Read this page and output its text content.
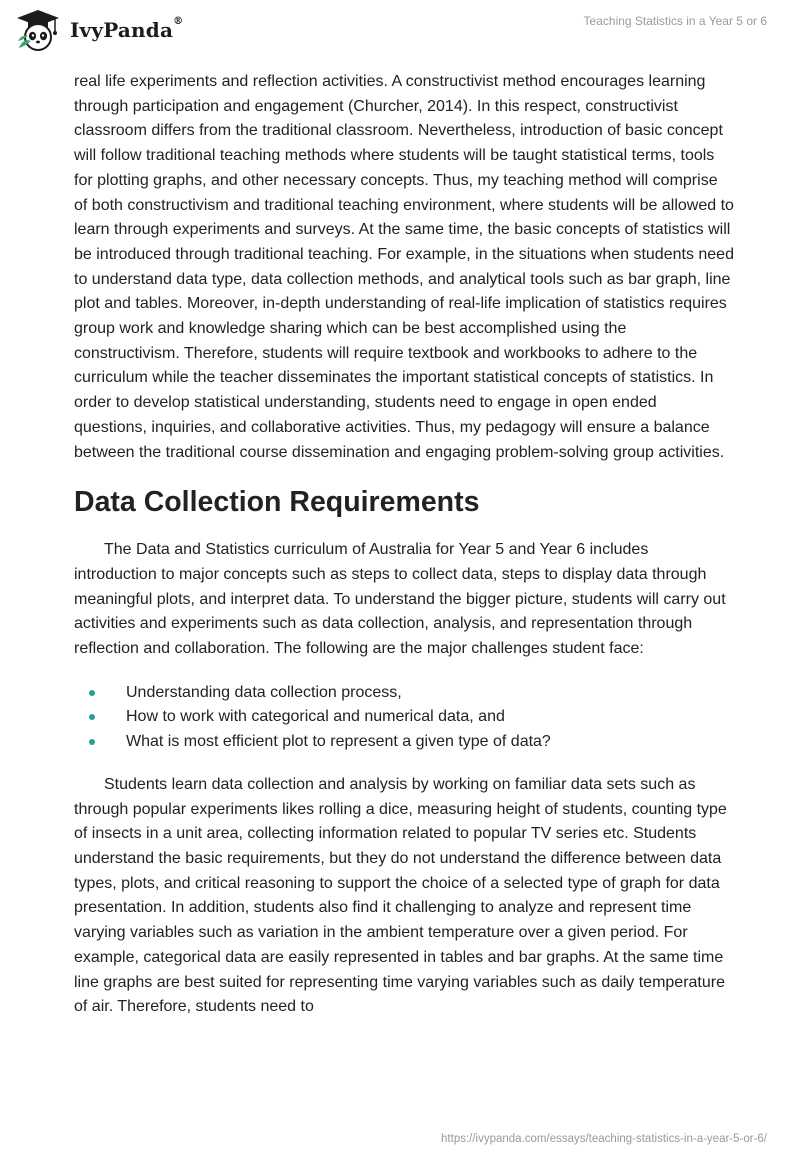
IvyPanda®	Teaching Statistics in a Year 5 or 6

real life experiments and reflection activities. A constructivist method encourages learning through participation and engagement (Churcher, 2014). In this respect, constructivist classroom differs from the traditional classroom. Nevertheless, introduction of basic concept will follow traditional teaching methods where students will be taught statistical terms, tools for plotting graphs, and other necessary concepts. Thus, my teaching method will comprise of both constructivism and traditional teaching environment, where students will be allowed to learn through experiments and surveys. At the same time, the basic concepts of statistics will be introduced through traditional teaching. For example, in the situations when students need to understand data type, data collection methods, and analytical tools such as bar graph, line plot and tables. Moreover, in-depth understanding of real-life implication of statistics requires group work and knowledge sharing which can be best accomplished using the constructivism. Therefore, students will require textbook and workbooks to adhere to the curriculum while the teacher disseminates the important statistical concepts of statistics. In order to develop statistical understanding, students need to engage in open ended questions, inquiries, and collaborative activities. Thus, my pedagogy will ensure a balance between the traditional course dissemination and engaging problem-solving group activities.

Data Collection Requirements

The Data and Statistics curriculum of Australia for Year 5 and Year 6 includes introduction to major concepts such as steps to collect data, steps to display data through meaningful plots, and interpret data. To understand the bigger picture, students will carry out activities and experiments such as data collection, analysis, and representation through reflection and collaboration. The following are the major challenges student face:

Understanding data collection process,
How to work with categorical and numerical data, and
What is most efficient plot to represent a given type of data?

Students learn data collection and analysis by working on familiar data sets such as through popular experiments likes rolling a dice, measuring height of students, counting type of insects in a unit area, collecting information related to popular TV series etc. Students understand the basic requirements, but they do not understand the difference between data types, plots, and critical reasoning to support the choice of a selected type of graph for data presentation. In addition, students also find it challenging to analyze and represent time varying variables such as variation in the ambient temperature over a given period. For example, categorical data are easily represented in tables and bar graphs. At the same time line graphs are best suited for representing time varying variables such as daily temperature of air. Therefore, students need to

https://ivypanda.com/essays/teaching-statistics-in-a-year-5-or-6/
